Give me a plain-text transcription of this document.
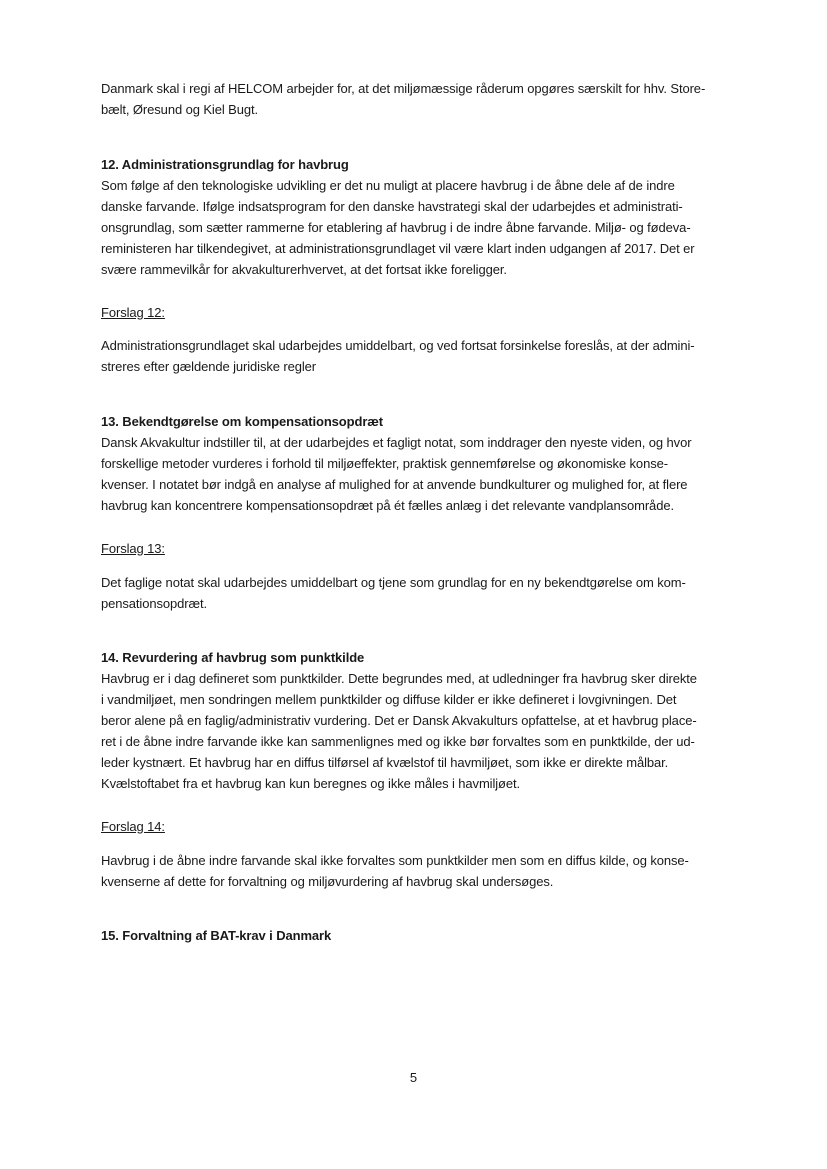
Danmark skal i regi af HELCOM arbejder for, at det miljømæssige råderum opgøres særskilt for hhv. Store-
bælt, Øresund og Kiel Bugt.
12. Administrationsgrundlag for havbrug
Som følge af den teknologiske udvikling er det nu muligt at placere havbrug i de åbne dele af de indre
danske farvande. Ifølge indsatsprogram for den danske havstrategi skal der udarbejdes et administrati-
onsgrundlag, som sætter rammerne for etablering af havbrug i de indre åbne farvande. Miljø- og fødeva-
reministeren har tilkendegivet, at administrationsgrundlaget vil være klart inden udgangen af 2017. Det er
svære rammevilkår for akvakulturerhvervet, at det fortsat ikke foreligger.
Forslag 12:
Administrationsgrundlaget skal udarbejdes umiddelbart, og ved fortsat forsinkelse foreslås, at der admini-
streres efter gældende juridiske regler
13. Bekendtgørelse om kompensationsopdræt
Dansk Akvakultur indstiller til, at der udarbejdes et fagligt notat, som inddrager den nyeste viden, og hvor
forskellige metoder vurderes i forhold til miljøeffekter, praktisk gennemførelse og økonomiske konse-
kvenser. I notatet bør indgå en analyse af mulighed for at anvende bundkulturer og mulighed for, at flere
havbrug kan koncentrere kompensationsopdræt på ét fælles anlæg i det relevante vandplansområde.
Forslag 13:
Det faglige notat skal udarbejdes umiddelbart og tjene som grundlag for en ny bekendtgørelse om kom-
pensationsopdræt.
14. Revurdering af havbrug som punktkilde
Havbrug er i dag defineret som punktkilder. Dette begrundes med, at udledninger fra havbrug sker direkte
i vandmiljøet, men sondringen mellem punktkilder og diffuse kilder er ikke defineret i lovgivningen. Det
beror alene på en faglig/administrativ vurdering. Det er Dansk Akvakulturs opfattelse, at et havbrug place-
ret i de åbne indre farvande ikke kan sammenlignes med og ikke bør forvaltes som en punktkilde, der ud-
leder kystnært. Et havbrug har en diffus tilførsel af kvælstof til havmiljøet, som ikke er direkte målbar.
Kvælstoftabet fra et havbrug kan kun beregnes og ikke måles i havmiljøet.
Forslag 14:
Havbrug i de åbne indre farvande skal ikke forvaltes som punktkilder men som en diffus kilde, og konse-
kvenserne af dette for forvaltning og miljøvurdering af havbrug skal undersøges.
15. Forvaltning af BAT-krav i Danmark
5
